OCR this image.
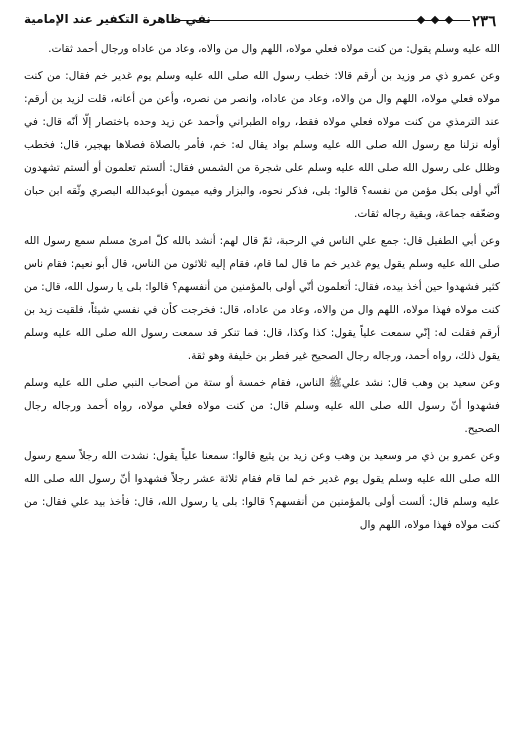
٢٣٦
نفي ظاهرة التكفير عند الإمامية

الله عليه وسلم يقول: من كنت مولاه فعلي مولاه، اللهم وال من والاه، وعاد من عاداه ورجال أحمد ثقات.

وعن عمرو ذي مر وزيد بن أرقم قالا: خطب رسول الله صلى الله عليه وسلم يوم غدير خم فقال: من كنت مولاه فعلي مولاه، اللهم وال من والاه، وعاد من عاداه، وانصر من نصره، وأعن من أعانه، قلت لزيد بن أرقم: عند الترمذي من كنت مولاه فعلي مولاه فقط، رواه الطبراني وأحمد عن زيد وحده باختصار إلّا أنّه قال: في أوله نزلنا مع رسول الله صلى الله عليه وسلم بواد يقال له: خم، فأمر بالصلاة فصلاها بهجير، قال: فخطب وظلل على رسول الله صلى الله عليه وسلم على شجرة من الشمس فقال: ألستم تعلمون أو ألستم تشهدون أنّي أولى بكل مؤمن من نفسه؟ قالوا: بلى، فذكر نحوه، والبزار وفيه ميمون أبوعبدالله البصري وثّقه ابن حبان وضعّفه جماعة، وبقية رجاله ثقات.

وعن أبي الطفيل قال: جمع علي الناس في الرحبة، ثمّ قال لهم: أنشد بالله كلّ امرئ مسلم سمع رسول الله صلى الله عليه وسلم يقول يوم غدير خم ما قال لما قام، فقام إليه ثلاثون من الناس، قال أبو نعيم: فقام ناس كثير فشهدوا حين أخذ بيده، فقال: أتعلمون أنّي أولى بالمؤمنين من أنفسهم؟ قالوا: بلى يا رسول الله، قال: من كنت مولاه فهذا مولاه، اللهم وال من والاه، وعاد من عاداه، قال: فخرجت كأن في نفسي شيئاً، فلقيت زيد بن أرقم فقلت له: إنّي سمعت علياً يقول: كذا وكذا، قال: فما تنكر قد سمعت رسول الله صلى الله عليه وسلم يقول ذلك، رواه أحمد، ورجاله رجال الصحيح غير فطر بن خليفة وهو ثقة.

وعن سعيد بن وهب قال: نشد عليﷺ الناس، فقام خمسة أو ستة من أصحاب النبي صلى الله عليه وسلم فشهدوا أنّ رسول الله صلى الله عليه وسلم قال: من كنت مولاه فعلي مولاه، رواه أحمد ورجاله رجال الصحيح.

وعن عمرو بن ذي مر وسعيد بن وهب وعن زيد بن يثيع قالوا: سمعنا علياً يقول: نشدت الله رجلاً سمع رسول الله صلى الله عليه وسلم يقول يوم غدير خم لما قام فقام ثلاثة عشر رجلاً فشهدوا أنّ رسول الله صلى الله عليه وسلم قال: ألست أولى بالمؤمنين من أنفسهم؟ قالوا: بلى يا رسول الله، قال: فأخذ بيد علي فقال: من كنت مولاه فهذا مولاه، اللهم وال
